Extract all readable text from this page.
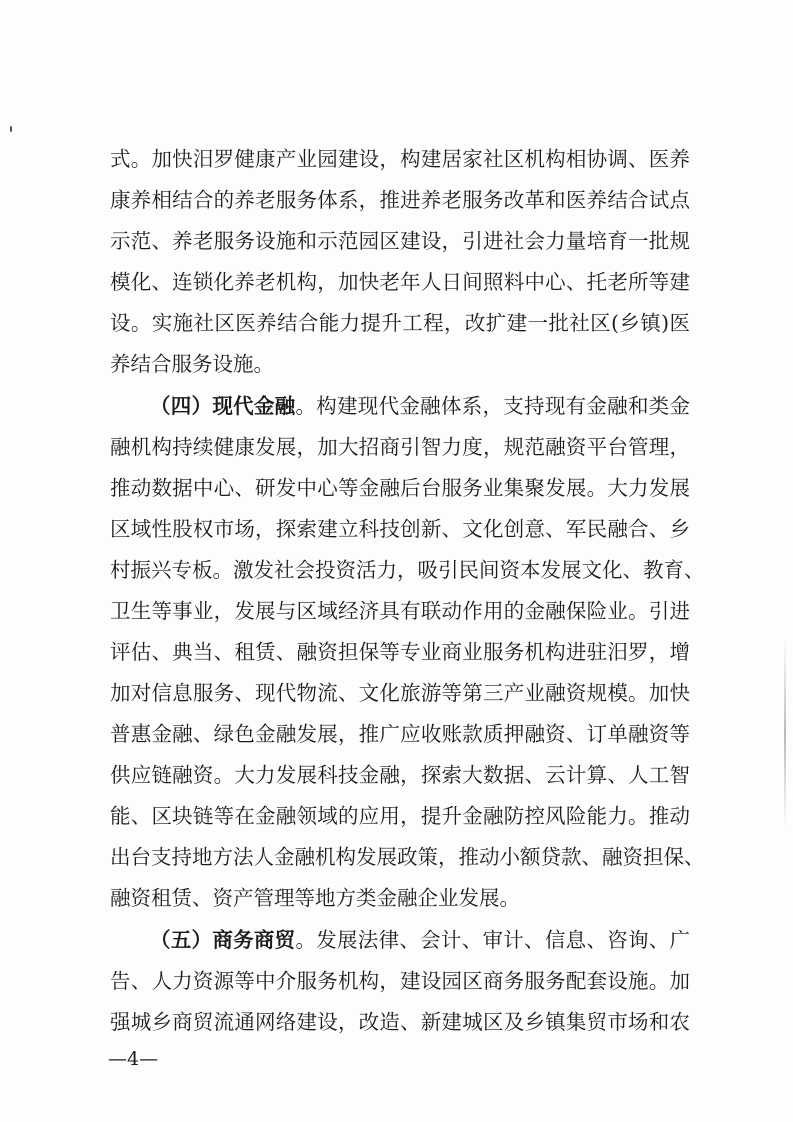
式。加快汨罗健康产业园建设，构建居家社区机构相协调、医养
康养相结合的养老服务体系，推进养老服务改革和医养结合试点
示范、养老服务设施和示范园区建设，引进社会力量培育一批规
模化、连锁化养老机构，加快老年人日间照料中心、托老所等建
设。实施社区医养结合能力提升工程，改扩建一批社区(乡镇)医
养结合服务设施。
（四）现代金融。构建现代金融体系，支持现有金融和类金
融机构持续健康发展，加大招商引智力度，规范融资平台管理，
推动数据中心、研发中心等金融后台服务业集聚发展。大力发展
区域性股权市场，探索建立科技创新、文化创意、军民融合、乡
村振兴专板。激发社会投资活力，吸引民间资本发展文化、教育、
卫生等事业，发展与区域经济具有联动作用的金融保险业。引进
评估、典当、租赁、融资担保等专业商业服务机构进驻汨罗，增
加对信息服务、现代物流、文化旅游等第三产业融资规模。加快
普惠金融、绿色金融发展，推广应收账款质押融资、订单融资等
供应链融资。大力发展科技金融，探索大数据、云计算、人工智
能、区块链等在金融领域的应用，提升金融防控风险能力。推动
出台支持地方法人金融机构发展政策，推动小额贷款、融资担保、
融资租赁、资产管理等地方类金融企业发展。
（五）商务商贸。发展法律、会计、审计、信息、咨询、广
告、人力资源等中介服务机构，建设园区商务服务配套设施。加
强城乡商贸流通网络建设，改造、新建城区及乡镇集贸市场和农
—4—
